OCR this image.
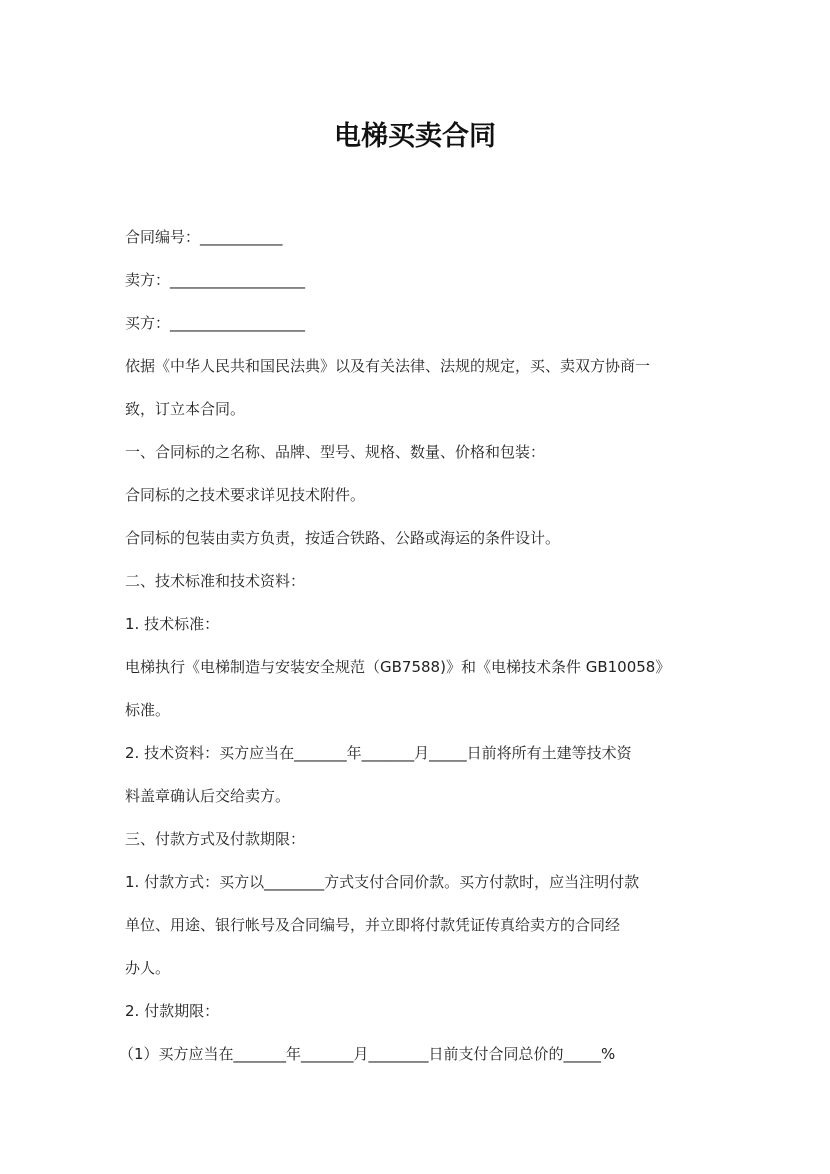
电梯买卖合同
合同编号：___________
卖方：__________________
买方：__________________
依据《中华人民共和国民法典》以及有关法律、法规的规定，买、卖双方协商一
致，订立本合同。
一、合同标的之名称、品牌、型号、规格、数量、价格和包装：
合同标的之技术要求详见技术附件。
合同标的包装由卖方负责，按适合铁路、公路或海运的条件设计。
二、技术标准和技术资料：
1. 技术标准：
电梯执行《电梯制造与安装安全规范（GB7588)》和《电梯技术条件 GB10058》
标准。
2. 技术资料：买方应当在_______年_______月_____日前将所有土建等技术资
料盖章确认后交给卖方。
三、付款方式及付款期限：
1. 付款方式：买方以________方式支付合同价款。买方付款时，应当注明付款
单位、用途、银行帐号及合同编号，并立即将付款凭证传真给卖方的合同经
办人。
2. 付款期限：
（1）买方应当在_______年_______月________日前支付合同总价的_____%
